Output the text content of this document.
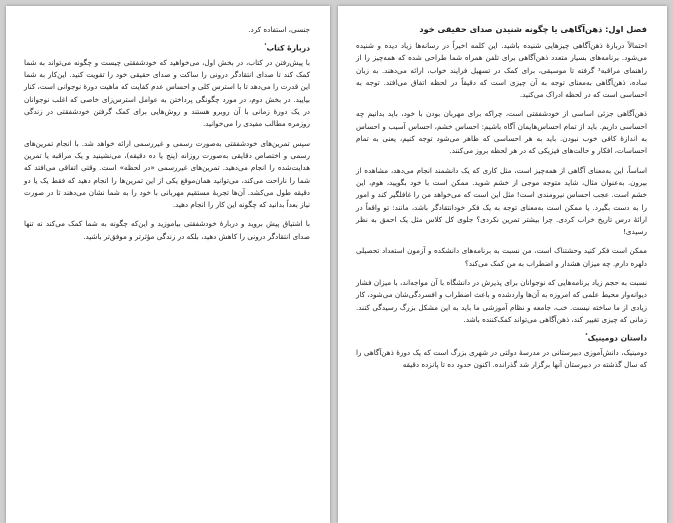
جنسی، استفاده کرد.

دربارهٔ کتاب$^{^1}$

با پیش‌رفتن در کتاب، در بخش اول، می‌خواهید که خودشفقتی چیست و چگونه می‌تواند به شما کمک کند تا صدای انتقادگر درونی را ساکت و صدای حقیقی خود را تقویت کنید. این‌کار به شما این قدرت را می‌دهد تا با استرس کلی و احساس عدم کفایت که ماهیت دورهٔ نوجوانی است، کنار بیایید. در بخش دوم، در مورد چگونگی پرداختن به عوامل استرس‌زای خاصی که اغلب نوجوانان در یک دورهٔ زمانی با آن روبرو هستند و روش‌هایی برای کمک گرفتن خودشفقتی در زندگی روزمره مطالب مفیدی را می‌خوانید.

سپس تمرین‌های خودشفقتی به‌صورت رسمی و غیررسمی ارائه خواهد شد. با انجام تمرین‌های رسمی و اختصاص دقایقی به‌صورت روزانه (پنج یا ده دقیقه)، می‌نشینید و یک مراقبه یا تمرین هدایت‌شده را انجام می‌دهید. تمرین‌های غیررسمی «در لحظه» است. وقتی اتفاقی می‌افتد که شما را ناراحت می‌کند، می‌توانید همان‌موقع یکی از این تمرین‌ها را انجام دهید که فقط یک یا دو دقیقه طول می‌کشد. آن‌ها تجربهٔ مستقیم مهربانی با خود را به شما نشان می‌دهند تا در صورت نیاز بعداً بدانید که چگونه این کار را انجام دهید.

با اشتیاق پیش بروید و دربارهٔ خودشفقتی بیاموزید و این‌که چگونه به شما کمک می‌کند نه تنها صدای انتقادگر درونی را کاهش دهید، بلکه در زندگی مؤثرتر و موفق‌تر باشید.

فصل اول: ذهن‌آگاهی یا چگونه شنیدن صدای حقیقی خود

احتمالاً دربارهٔ ذهن‌آگاهی چیزهایی شنیده باشید. این کلمه اخیراً در رسانه‌ها زیاد دیده و شنیده می‌شود. برنامه‌های بسیار متعدد ذهن‌آگاهی برای تلفن همراه شما طراحی شده که همه‌چیز را از راهنمای مراقبه¹ گرفته تا موسیقی، برای کمک در تسهیل فرایند خواب، ارائه می‌دهند. به زبان ساده، ذهن‌آگاهی به‌معنای توجه به آن چیزی است که دقیقاً در لحظه اتفاق می‌افتد. توجه به احساسی است که در لحظه ادراک می‌کنید.

ذهن‌آگاهی جزئی اساسی از خودشفقتی است، چراکه برای مهربان بودن با خود، باید بدانیم چه احساسی داریم. باید از تمام احساس‌هایمان آگاه باشیم: احساس خشم، احساس آسیب و احساس به اندازهٔ کافی خوب نبودن. باید به هر احساسی که ظاهر می‌شود توجه کنیم، یعنی به تمام احساسات، افکار و حالت‌های فیزیکی که در هر لحظه بروز می‌کنند.

اساساً، این به‌معنای آگاهی از همه‌چیز است، مثل کاری که یک دانشمند انجام می‌دهد، مشاهده از بیرون. به‌عنوان مثال، شاید متوجه موجی از خشم شوید. ممکن است با خود بگویید، هوم، این خشم است. عجب احساس نیرومندی است! مثل این است که می‌خواهد من را غافلگیر کند و امور را به دست بگیرد. یا ممکن است به‌معنای توجه به یک فکر خودانتقادگر باشد، مانند: تو واقعاً در ارائهٔ درس تاریخ خراب کردی. چرا بیشتر تمرین نکردی؟ جلوی کل کلاس مثل یک احمق به نظر رسیدی!

ممکن است فکر کنید وحشتناک است، من نسبت به برنامه‌های دانشکده و آزمون استعداد تحصیلی دلهره دارم. چه میزان هشدار و اضطراب به من کمک می‌کند؟

نسبت به حجم زیاد برنامه‌هایی که نوجوانان برای پذیرش در دانشگاه با آن مواجه‌اند، با میزان فشار دیوانه‌وار محیط علمی که امروزه به آن‌ها واردشده و باعث اضطراب و افسردگی‌شان می‌شود، کار زیادی از ما ساخته نیست. خب، جامعه و نظام آموزشی ما باید به این مشکل بزرگ رسیدگی کنند. زمانی که چیزی تغییر کند، ذهن‌آگاهی می‌تواند کمک‌کننده باشد.

داستان دومینیک$^{^2}$

دومینیک، دانش‌آموزی دبیرستانی در مدرسهٔ دولتی در شهری بزرگ است که یک دورهٔ ذهن‌آگاهی را که سال گذشته در دبیرستان آنها برگزار شد گذرانده. اکنون حدود ده تا پانزده دقیقه
